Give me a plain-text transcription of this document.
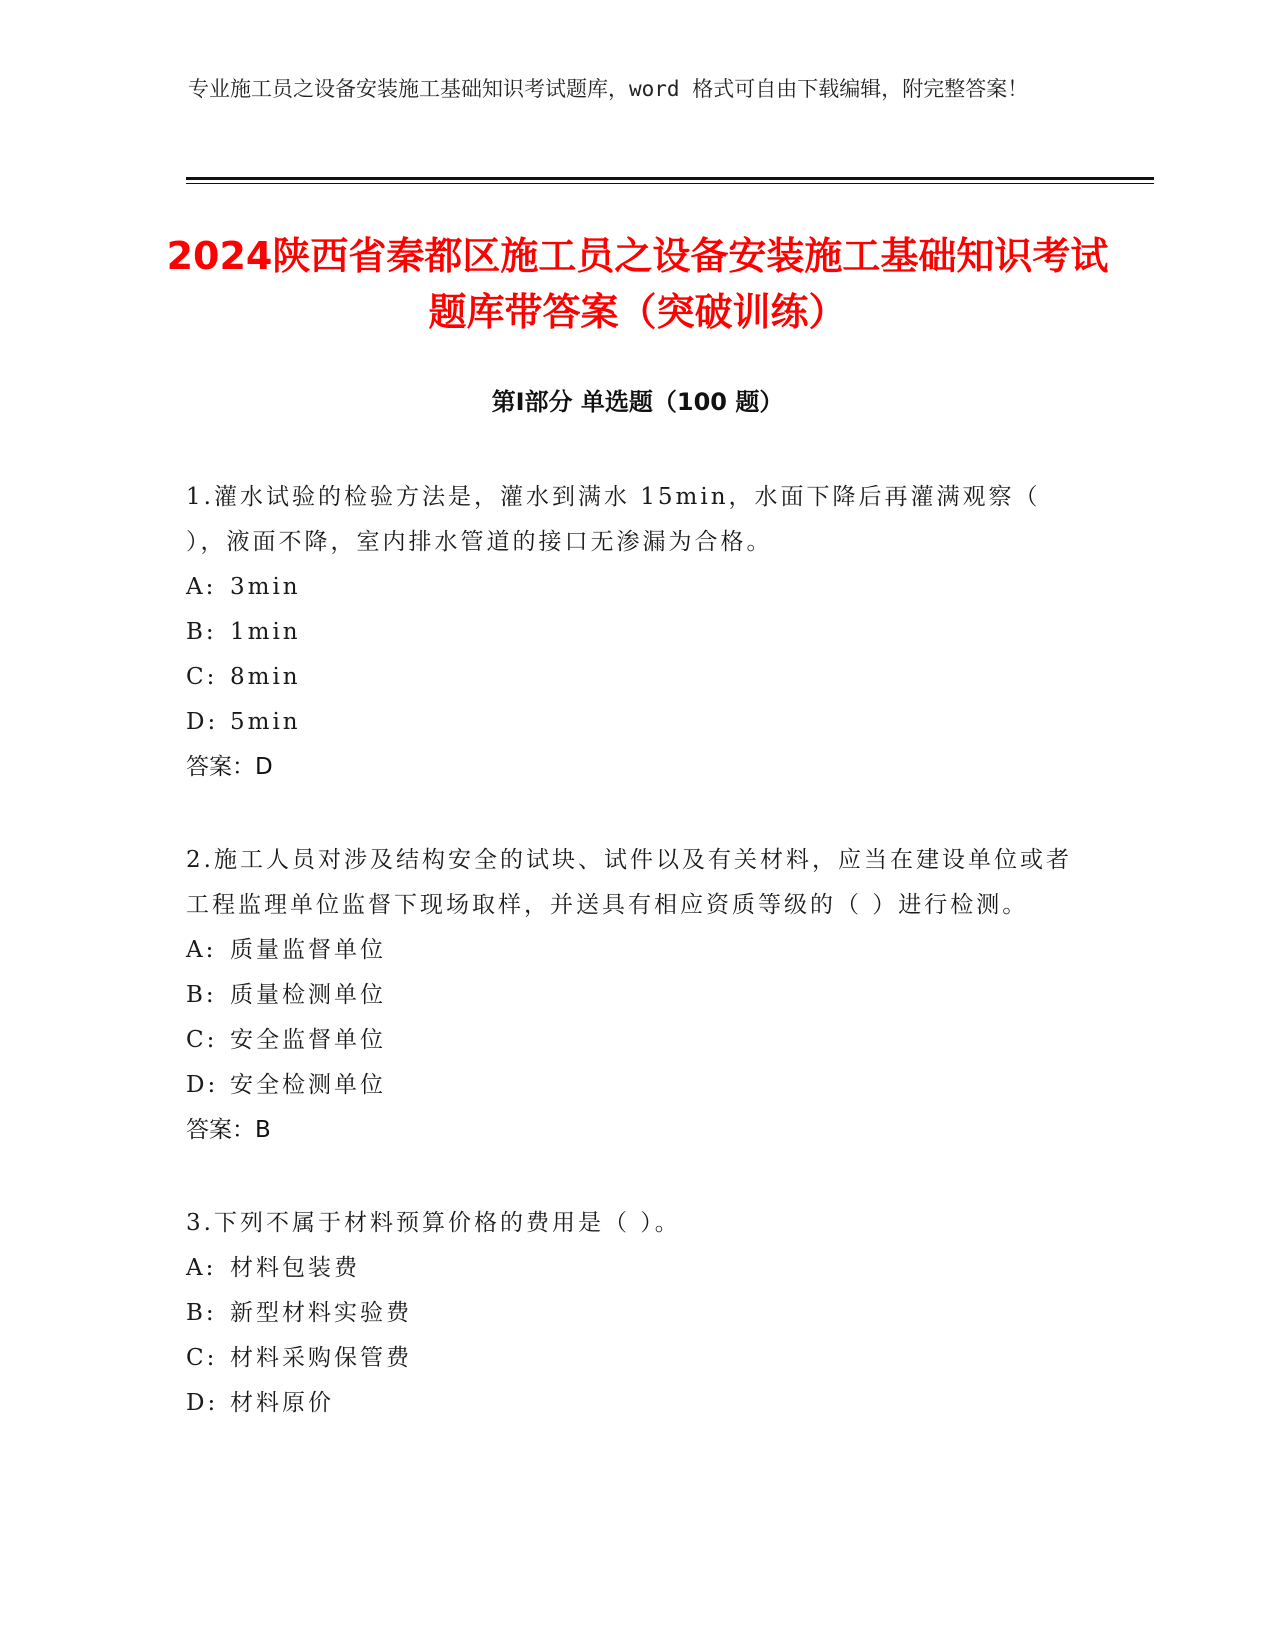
专业施工员之设备安装施工基础知识考试题库，word 格式可自由下载编辑，附完整答案！
2024陕西省秦都区施工员之设备安装施工基础知识考试题库带答案（突破训练）
第Ⅰ部分 单选题（100 题）
1.灌水试验的检验方法是，灌水到满水 15min，水面下降后再灌满观察（ ），液面不降，室内排水管道的接口无渗漏为合格。
A: 3min
B: 1min
C: 8min
D: 5min
答案：D
2.施工人员对涉及结构安全的试块、试件以及有关材料，应当在建设单位或者工程监理单位监督下现场取样，并送具有相应资质等级的（ ）进行检测。
A: 质量监督单位
B: 质量检测单位
C: 安全监督单位
D: 安全检测单位
答案：B
3.下列不属于材料预算价格的费用是（ ）。
A: 材料包装费
B: 新型材料实验费
C: 材料采购保管费
D: 材料原价
